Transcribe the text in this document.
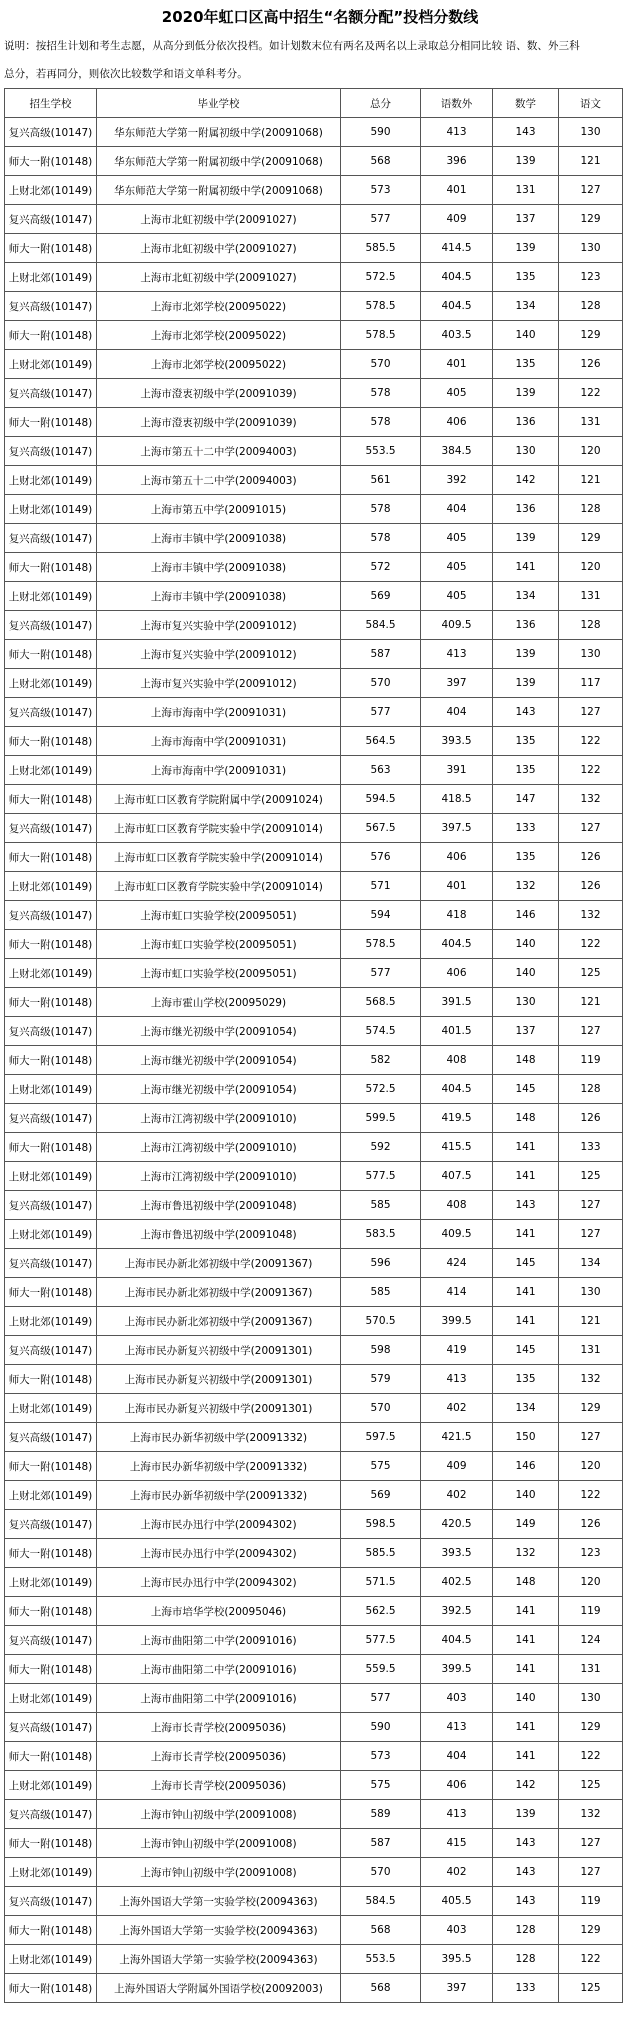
2020年虹口区高中招生“名额分配”投档分数线
说明：按招生计划和考生志愿，从高分到低分依次投档。如计划数末位有两名及两名以上录取总分相同比较 语、数、外三科
总分，若再同分，则依次比较数学和语文单科考分。
招生学校	毕业学校	总分	语数外	数学	语文
复兴高级(10147)	华东师范大学第一附属初级中学(20091068)	590	413	143	130
师大一附(10148)	华东师范大学第一附属初级中学(20091068)	568	396	139	121
上财北郊(10149)	华东师范大学第一附属初级中学(20091068)	573	401	131	127
复兴高级(10147)	上海市北虹初级中学(20091027)	577	409	137	129
师大一附(10148)	上海市北虹初级中学(20091027)	585.5	414.5	139	130
上财北郊(10149)	上海市北虹初级中学(20091027)	572.5	404.5	135	123
复兴高级(10147)	上海市北郊学校(20095022)	578.5	404.5	134	128
师大一附(10148)	上海市北郊学校(20095022)	578.5	403.5	140	129
上财北郊(10149)	上海市北郊学校(20095022)	570	401	135	126
复兴高级(10147)	上海市澄衷初级中学(20091039)	578	405	139	122
师大一附(10148)	上海市澄衷初级中学(20091039)	578	406	136	131
复兴高级(10147)	上海市第五十二中学(20094003)	553.5	384.5	130	120
上财北郊(10149)	上海市第五十二中学(20094003)	561	392	142	121
上财北郊(10149)	上海市第五中学(20091015)	578	404	136	128
复兴高级(10147)	上海市丰镇中学(20091038)	578	405	139	129
师大一附(10148)	上海市丰镇中学(20091038)	572	405	141	120
上财北郊(10149)	上海市丰镇中学(20091038)	569	405	134	131
复兴高级(10147)	上海市复兴实验中学(20091012)	584.5	409.5	136	128
师大一附(10148)	上海市复兴实验中学(20091012)	587	413	139	130
上财北郊(10149)	上海市复兴实验中学(20091012)	570	397	139	117
复兴高级(10147)	上海市海南中学(20091031)	577	404	143	127
师大一附(10148)	上海市海南中学(20091031)	564.5	393.5	135	122
上财北郊(10149)	上海市海南中学(20091031)	563	391	135	122
师大一附(10148)	上海市虹口区教育学院附属中学(20091024)	594.5	418.5	147	132
复兴高级(10147)	上海市虹口区教育学院实验中学(20091014)	567.5	397.5	133	127
师大一附(10148)	上海市虹口区教育学院实验中学(20091014)	576	406	135	126
上财北郊(10149)	上海市虹口区教育学院实验中学(20091014)	571	401	132	126
复兴高级(10147)	上海市虹口实验学校(20095051)	594	418	146	132
师大一附(10148)	上海市虹口实验学校(20095051)	578.5	404.5	140	122
上财北郊(10149)	上海市虹口实验学校(20095051)	577	406	140	125
师大一附(10148)	上海市霍山学校(20095029)	568.5	391.5	130	121
复兴高级(10147)	上海市继光初级中学(20091054)	574.5	401.5	137	127
师大一附(10148)	上海市继光初级中学(20091054)	582	408	148	119
上财北郊(10149)	上海市继光初级中学(20091054)	572.5	404.5	145	128
复兴高级(10147)	上海市江湾初级中学(20091010)	599.5	419.5	148	126
师大一附(10148)	上海市江湾初级中学(20091010)	592	415.5	141	133
上财北郊(10149)	上海市江湾初级中学(20091010)	577.5	407.5	141	125
复兴高级(10147)	上海市鲁迅初级中学(20091048)	585	408	143	127
上财北郊(10149)	上海市鲁迅初级中学(20091048)	583.5	409.5	141	127
复兴高级(10147)	上海市民办新北郊初级中学(20091367)	596	424	145	134
师大一附(10148)	上海市民办新北郊初级中学(20091367)	585	414	141	130
上财北郊(10149)	上海市民办新北郊初级中学(20091367)	570.5	399.5	141	121
复兴高级(10147)	上海市民办新复兴初级中学(20091301)	598	419	145	131
师大一附(10148)	上海市民办新复兴初级中学(20091301)	579	413	135	132
上财北郊(10149)	上海市民办新复兴初级中学(20091301)	570	402	134	129
复兴高级(10147)	上海市民办新华初级中学(20091332)	597.5	421.5	150	127
师大一附(10148)	上海市民办新华初级中学(20091332)	575	409	146	120
上财北郊(10149)	上海市民办新华初级中学(20091332)	569	402	140	122
复兴高级(10147)	上海市民办迅行中学(20094302)	598.5	420.5	149	126
师大一附(10148)	上海市民办迅行中学(20094302)	585.5	393.5	132	123
上财北郊(10149)	上海市民办迅行中学(20094302)	571.5	402.5	148	120
师大一附(10148)	上海市培华学校(20095046)	562.5	392.5	141	119
复兴高级(10147)	上海市曲阳第二中学(20091016)	577.5	404.5	141	124
师大一附(10148)	上海市曲阳第二中学(20091016)	559.5	399.5	141	131
上财北郊(10149)	上海市曲阳第二中学(20091016)	577	403	140	130
复兴高级(10147)	上海市长青学校(20095036)	590	413	141	129
师大一附(10148)	上海市长青学校(20095036)	573	404	141	122
上财北郊(10149)	上海市长青学校(20095036)	575	406	142	125
复兴高级(10147)	上海市钟山初级中学(20091008)	589	413	139	132
师大一附(10148)	上海市钟山初级中学(20091008)	587	415	143	127
上财北郊(10149)	上海市钟山初级中学(20091008)	570	402	143	127
复兴高级(10147)	上海外国语大学第一实验学校(20094363)	584.5	405.5	143	119
师大一附(10148)	上海外国语大学第一实验学校(20094363)	568	403	128	129
上财北郊(10149)	上海外国语大学第一实验学校(20094363)	553.5	395.5	128	122
师大一附(10148)	上海外国语大学附属外国语学校(20092003)	568	397	133	125
